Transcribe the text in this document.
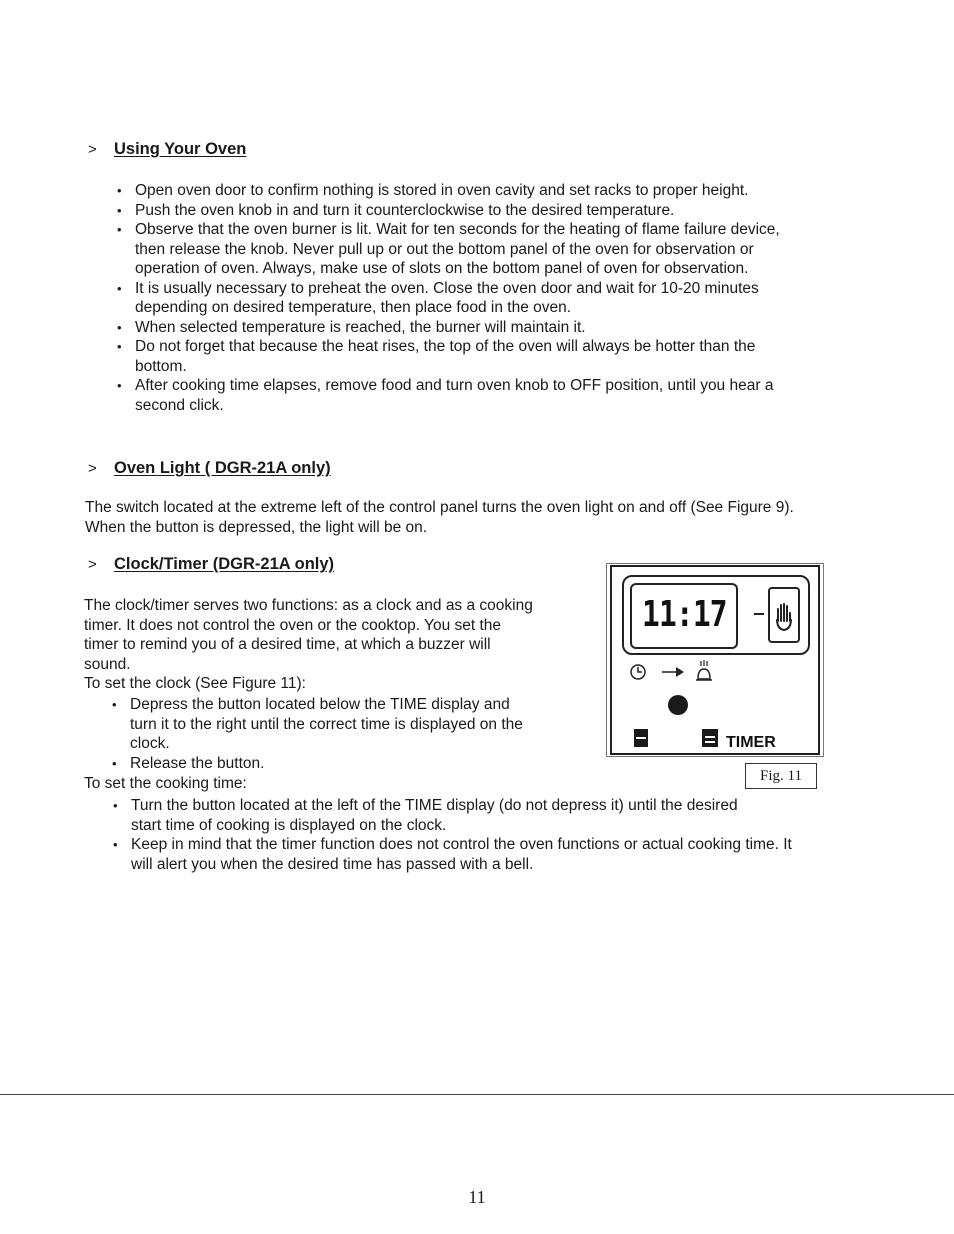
> Using Your Oven
• Open oven door to confirm nothing is stored in oven cavity and set racks to proper height.
• Push the oven knob in and turn it counterclockwise to the desired temperature.
• Observe that the oven burner is lit. Wait for ten seconds for the heating of flame failure device, then release the knob. Never pull up or out the bottom panel of the oven for observation or operation of oven. Always, make use of slots on the bottom panel of oven for observation.
• It is usually necessary to preheat the oven. Close the oven door and wait for 10-20 minutes depending on desired temperature, then place food in the oven.
• When selected temperature is reached, the burner will maintain it.
• Do not forget that because the heat rises, the top of the oven will always be hotter than the bottom.
• After cooking time elapses, remove food and turn oven knob to OFF position, until you hear a second click.
> Oven Light ( DGR-21A only)

The switch located at the extreme left of the control panel turns the oven light on and off (See Figure 9). When the button is depressed, the light will be on.

> Clock/Timer (DGR-21A only)

The clock/timer serves two functions: as a clock and as a cooking timer. It does not control the oven or the cooktop. You set the timer to remind you of a desired time, at which a buzzer will sound.

To set the clock (See Figure 11):

• Depress the button located below the TIME display and turn it to the right until the correct time is displayed on the clock.
• Release the button.

To set the cooking time:

• Turn the button located at the left of the TIME display (do not depress it) until the desired start time of cooking is displayed on the clock.
• Keep in mind that the timer function does not control the oven functions or actual cooking time. It will alert you when the desired time has passed with a bell.
11:17
TIMER
Fig. 11
11
